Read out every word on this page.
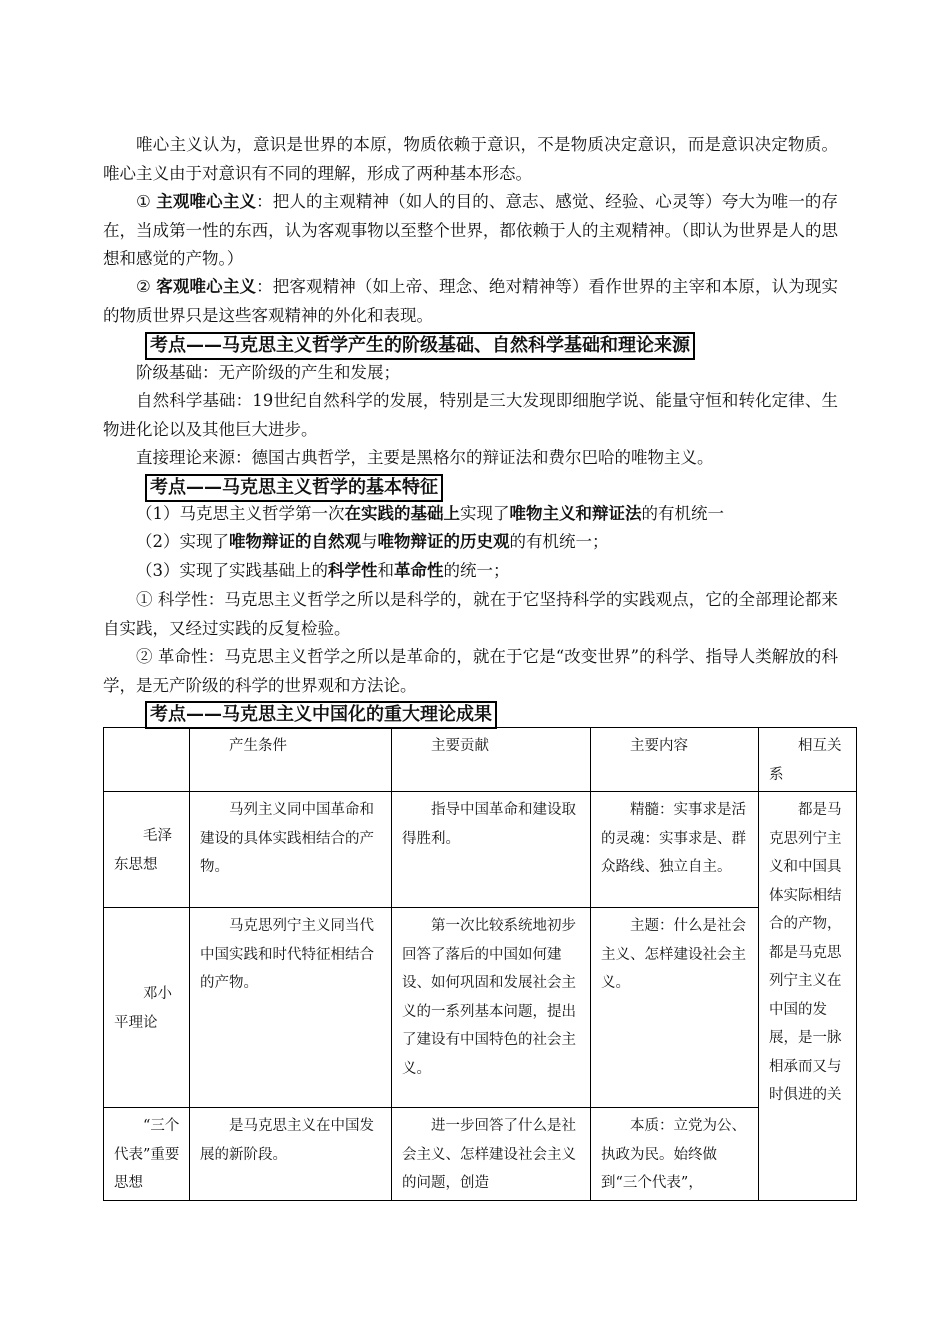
唯心主义认为，意识是世界的本原，物质依赖于意识，不是物质决定意识，而是意识决定物质。唯心主义由于对意识有不同的理解，形成了两种基本形态。
① 主观唯心主义：把人的主观精神（如人的目的、意志、感觉、经验、心灵等）夸大为唯一的存在，当成第一性的东西，认为客观事物以至整个世界，都依赖于人的主观精神。（即认为世界是人的思想和感觉的产物。）
② 客观唯心主义：把客观精神（如上帝、理念、绝对精神等）看作世界的主宰和本原，认为现实的物质世界只是这些客观精神的外化和表现。
考点——马克思主义哲学产生的阶级基础、自然科学基础和理论来源
阶级基础：无产阶级的产生和发展；
自然科学基础：19世纪自然科学的发展，特别是三大发现即细胞学说、能量守恒和转化定律、生物进化论以及其他巨大进步。
直接理论来源：德国古典哲学，主要是黑格尔的辩证法和费尔巴哈的唯物主义。
考点——马克思主义哲学的基本特征
（1）马克思主义哲学第一次在实践的基础上实现了唯物主义和辩证法的有机统一
（2）实现了唯物辩证的自然观与唯物辩证的历史观的有机统一；
（3）实现了实践基础上的科学性和革命性的统一；
① 科学性：马克思主义哲学之所以是科学的，就在于它坚持科学的实践观点，它的全部理论都来自实践，又经过实践的反复检验。
② 革命性：马克思主义哲学之所以是革命的，就在于它是“改变世界”的科学、指导人类解放的科学，是无产阶级的科学的世界观和方法论。
考点——马克思主义中国化的重大理论成果
	产生条件	主要贡献	主要内容	相互关系
毛泽东思想	马列主义同中国革命和建设的具体实践相结合的产物。	指导中国革命和建设取得胜利。	精髓：实事求是活的灵魂：实事求是、群众路线、独立自主。	都是马克思列宁主义和中国具体实际相结合的产物，都是马克思列宁主义在中国的发展，是一脉相承而又与时俱进的关

邓小平理论	马克思列宁主义同当代中国实践和时代特征相结合的产物。	第一次比较系统地初步回答了落后的中国如何建设、如何巩固和发展社会主义的一系列基本问题，提出了建设有中国特色的社会主义。	主题：什么是社会主义、怎样建设社会主义。	
“三个代表”重要思想	是马克思主义在中国发展的新阶段。	进一步回答了什么是社会主义、怎样建设社会主义的问题，创造	本质：立党为公、执政为民。始终做到“三个代表”，	
